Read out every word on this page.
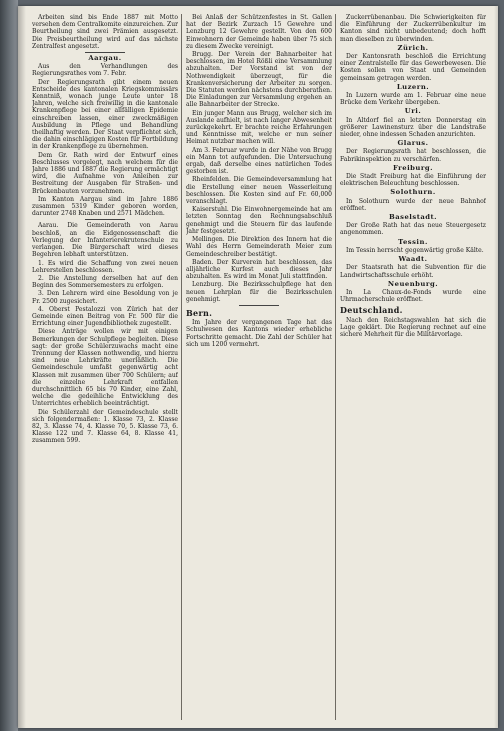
Arbeiten sind bis Ende 1887 mit Motto versehen dem Centralkomite einzureichen. Zur Beurtheilung sind zwei Prämien ausgesetzt. Die Preisbeurtheilung wird auf das nächste Zentralfest angesetzt.

Aargau.

Aus den Verhandlungen des Regierungsrathes vom 7. Febr.

Der Regierungsrath gibt einem neuen Entscheide des kantonalen Kriegskommissärs Kenntniß, wonach junge Leute unter 18 Jahren, welche sich freiwillig in die kantonale Krankenpflege bei einer allfälligen Epidemie einschreiben lassen, einer zweckmäßigen Ausbildung in Pflege und Behandlung theilhaftig werden. Der Staat verpflichtet sich, die dahin einschlägigen Kosten für Fortbildung in der Krankenpflege zu übernehmen.

Dem Gr. Rath wird der Entwurf eines Beschlusses vorgelegt, nach welchem für die Jahre 1886 und 1887 die Regierung ermächtigt wird, die Aufnahme von Anleihen zur Bestreitung der Ausgaben für Straßen- und Brückenbauten vorzunehmen.

Im Kanton Aargau sind im Jahre 1886 zusammen 5319 Kinder geboren worden, darunter 2748 Knaben und 2571 Mädchen.

Aarau. Die Gemeinderath von Aarau beschloß, an die Eidgenossenschaft die Verlegung der Infanterierekrutenschule zu verlangen. Die Bürgerschaft wird dieses Begehren lebhaft unterstützen.

1. Es wird die Schaffung von zwei neuen Lehrerstellen beschlossen.

2. Die Anstellung derselben hat auf den Beginn des Sommersemesters zu erfolgen.

3. Den Lehrern wird eine Besoldung von je Fr. 2500 zugesichert.

4. Oberst Pestalozzi von Zürich hat der Gemeinde einen Beitrag von Fr. 500 für die Errichtung einer Jugendbibliothek zugestellt.

Diese Anträge wollen wir mit einigen Bemerkungen der Schulpflege begleiten. Diese sagt: der große Schülerzuwachs macht eine Trennung der Klassen nothwendig, und hierzu sind neue Lehrkräfte unerläßlich. Die Gemeindeschule umfaßt gegenwärtig acht Klassen mit zusammen über 700 Schülern; auf die einzelne Lehrkraft entfallen durchschnittlich 65 bis 70 Kinder, eine Zahl, welche die gedeihliche Entwicklung des Unterrichtes erheblich beeinträchtigt.

Die Schülerzahl der Gemeindeschule stellt sich folgendermaßen: 1. Klasse 73, 2. Klasse 82, 3. Klasse 74, 4. Klasse 70, 5. Klasse 73, 6. Klasse 122 und 7. Klasse 64, 8. Klasse 41, zusammen 599.

Bei Anlaß der Schützenfestes in St. Gallen hat der Bezirk Zurzach 15 Gewehre und Lenzburg 12 Gewehre gestellt. Von den 600 Einwohnern der Gemeinde haben über 75 sich zu diesem Zwecke vereinigt.

Brugg. Der Verein der Bahnarbeiter hat beschlossen, im Hotel Rößli eine Versammlung abzuhalten. Der Vorstand ist von der Nothwendigkeit überzeugt, für die Krankenversicherung der Arbeiter zu sorgen. Die Statuten werden nächstens durchberathen. Die Einladungen zur Versammlung ergehen an alle Bahnarbeiter der Strecke.

Ein junger Mann aus Brugg, welcher sich im Auslande aufhielt, ist nach langer Abwesenheit zurückgekehrt. Er brachte reiche Erfahrungen und Kenntnisse mit, welche er nun seiner Heimat nutzbar machen will.

Am 3. Februar wurde in der Nähe von Brugg ein Mann tot aufgefunden. Die Untersuchung ergab, daß derselbe eines natürlichen Todes gestorben ist.

Rheinfelden. Die Gemeindeversammlung hat die Erstellung einer neuen Wasserleitung beschlossen. Die Kosten sind auf Fr. 60,000 veranschlagt.

Kaiserstuhl. Die Einwohnergemeinde hat am letzten Sonntag den Rechnungsabschluß genehmigt und die Steuern für das laufende Jahr festgesetzt.

Mellingen. Die Direktion des Innern hat die Wahl des Herrn Gemeinderath Meier zum Gemeindeschreiber bestätigt.

Baden. Der Kurverein hat beschlossen, das alljährliche Kurfest auch dieses Jahr abzuhalten. Es wird im Monat Juli stattfinden.

Lenzburg. Die Bezirksschulpflege hat den neuen Lehrplan für die Bezirksschulen genehmigt.

Bern.

Im Jahre der vergangenen Tage hat das Schulwesen des Kantons wieder erhebliche Fortschritte gemacht. Die Zahl der Schüler hat sich um 1200 vermehrt.

Zuckerrübenanbau. Die Schwierigkeiten für die Einführung der Zuckerrübenkultur im Kanton sind nicht unbedeutend; doch hofft man dieselben zu überwinden.

Zürich.

Der Kantonsrath beschloß die Errichtung einer Zentralstelle für das Gewerbewesen. Die Kosten sollen von Staat und Gemeinden gemeinsam getragen werden.

Luzern.

In Luzern wurde am 1. Februar eine neue Brücke dem Verkehr übergeben.

Uri.

In Altdorf fiel an letzten Donnerstag ein größerer Lawinensturz über die Landstraße nieder, ohne indessen Schaden anzurichten.

Glarus.

Der Regierungsrath hat beschlossen, die Fabrikinspektion zu verschärfen.

Freiburg.

Die Stadt Freiburg hat die Einführung der elektrischen Beleuchtung beschlossen.

Solothurn.

In Solothurn wurde der neue Bahnhof eröffnet.

Baselstadt.

Der Große Rath hat das neue Steuergesetz angenommen.

Tessin.

Im Tessin herrscht gegenwärtig große Kälte.

Waadt.

Der Staatsrath hat die Subvention für die Landwirtschaftsschule erhöht.

Neuenburg.

In La Chaux-de-Fonds wurde eine Uhrmacherschule eröffnet.

Deutschland.

Nach den Reichstagswahlen hat sich die Lage geklärt. Die Regierung rechnet auf eine sichere Mehrheit für die Militärvorlage.
